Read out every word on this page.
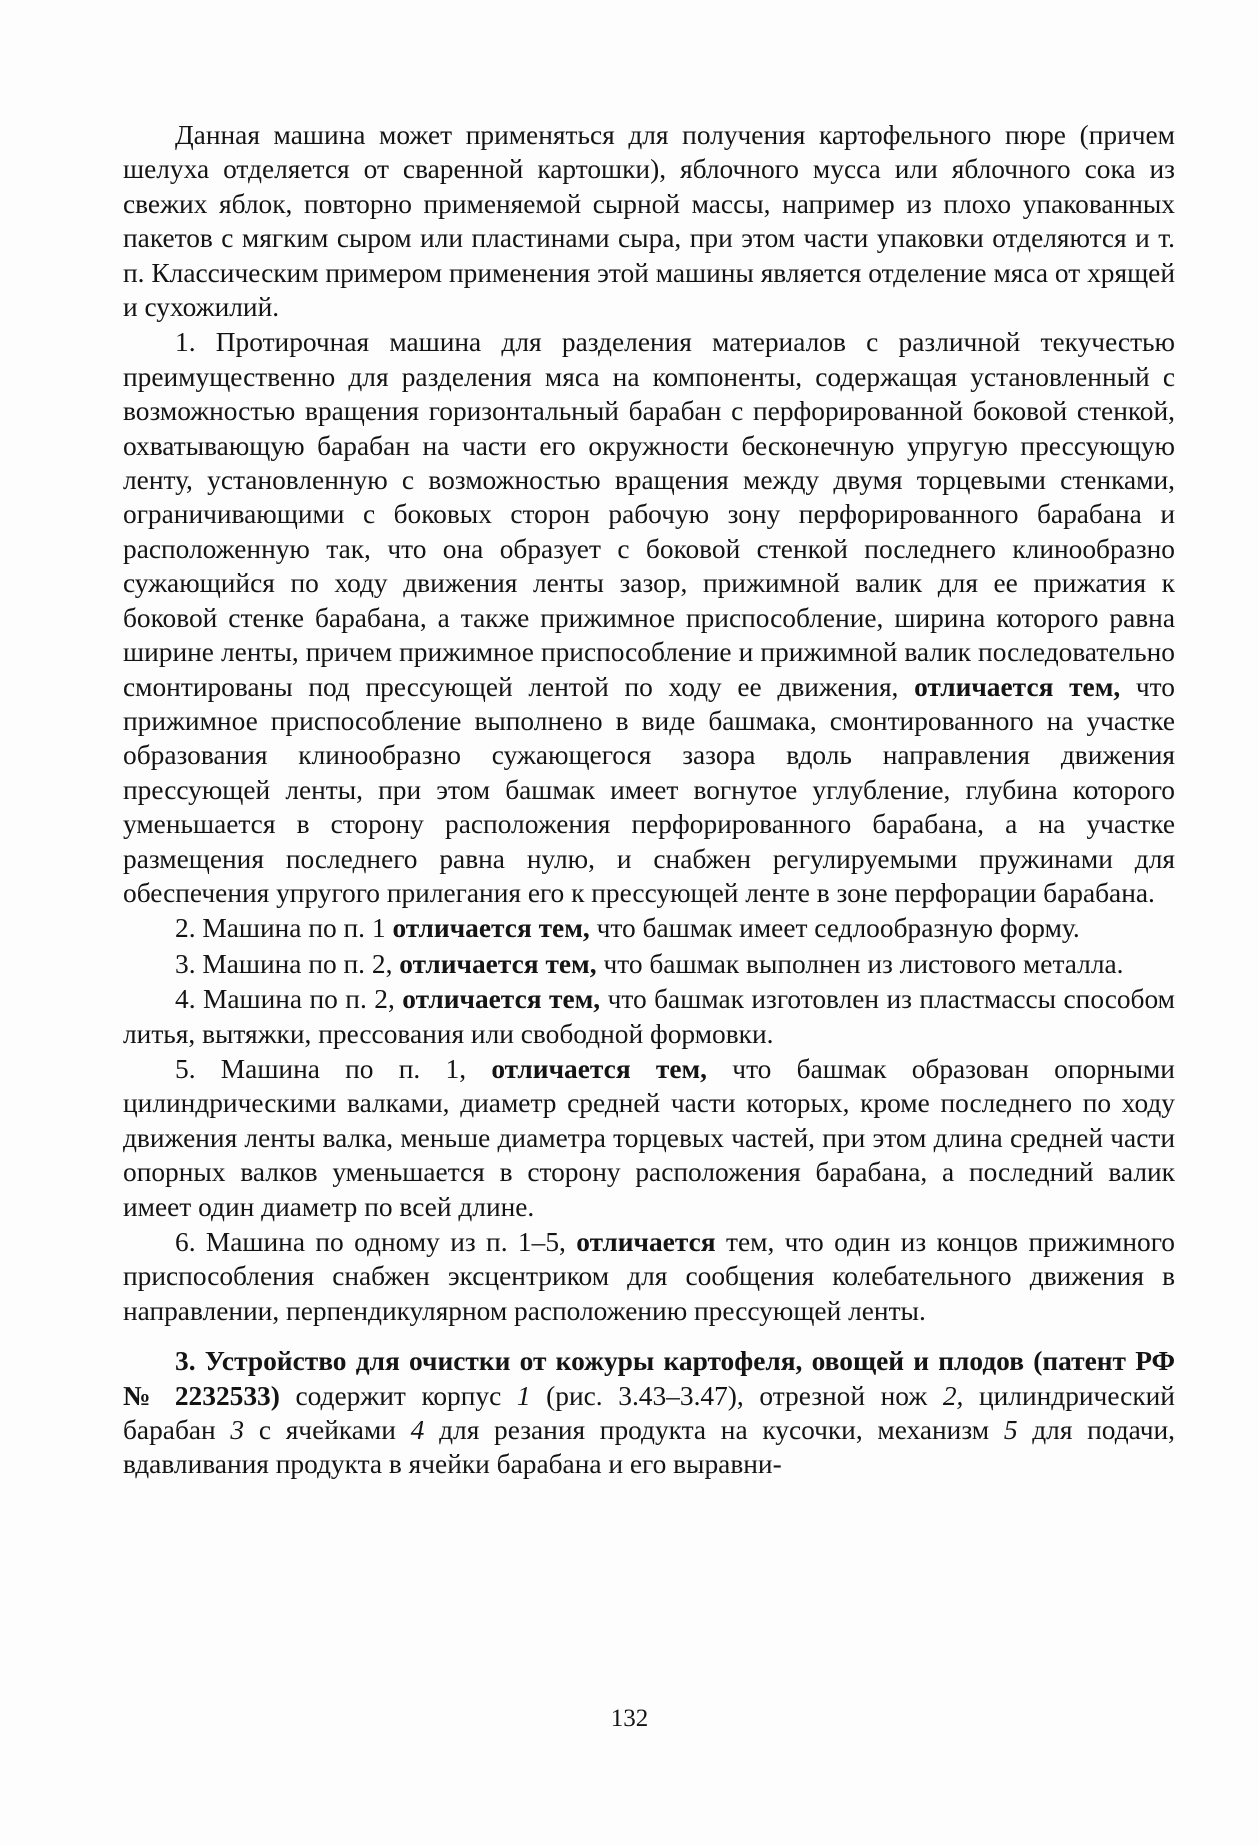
Данная машина может применяться для получения картофельного пюре (причем шелуха отделяется от сваренной картошки), яблочного мусса или яблочного сока из свежих яблок, повторно применяемой сырной массы, например из плохо упакованных пакетов с мягким сыром или пластинами сыра, при этом части упаковки отделяются и т. п. Классическим примером применения этой машины является отделение мяса от хрящей и сухожилий.

1. Протирочная машина для разделения материалов с различной текучестью преимущественно для разделения мяса на компоненты, содержащая установленный с возможностью вращения горизонтальный барабан с перфорированной боковой стенкой, охватывающую барабан на части его окружности бесконечную упругую прессующую ленту, установленную с возможностью вращения между двумя торцевыми стенками, ограничивающими с боковых сторон рабочую зону перфорированного барабана и расположенную так, что она образует с боковой стенкой последнего клинообразно сужающийся по ходу движения ленты зазор, прижимной валик для ее прижатия к боковой стенке барабана, а также прижимное приспособление, ширина которого равна ширине ленты, причем прижимное приспособление и прижимной валик последовательно смонтированы под прессующей лентой по ходу ее движения, отличается тем, что прижимное приспособление выполнено в виде башмака, смонтированного на участке образования клинообразно сужающегося зазора вдоль направления движения прессующей ленты, при этом башмак имеет вогнутое углубление, глубина которого уменьшается в сторону расположения перфорированного барабана, а на участке размещения последнего равна нулю, и снабжен регулируемыми пружинами для обеспечения упругого прилегания его к прессующей ленте в зоне перфорации барабана.

2. Машина по п. 1 отличается тем, что башмак имеет седлообразную форму.

3. Машина по п. 2, отличается тем, что башмак выполнен из листового металла.

4. Машина по п. 2, отличается тем, что башмак изготовлен из пластмассы способом литья, вытяжки, прессования или свободной формовки.

5. Машина по п. 1, отличается тем, что башмак образован опорными цилиндрическими валками, диаметр средней части которых, кроме последнего по ходу движения ленты валка, меньше диаметра торцевых частей, при этом длина средней части опорных валков уменьшается в сторону расположения барабана, а последний валик имеет один диаметр по всей длине.

6. Машина по одному из п. 1–5, отличается тем, что один из концов прижимного приспособления снабжен эксцентриком для сообщения колебательного движения в направлении, перпендикулярном расположению прессующей ленты.

3. Устройство для очистки от кожуры картофеля, овощей и плодов (патент РФ № 2232533) содержит корпус 1 (рис. 3.43–3.47), отрезной нож 2, цилиндрический барабан 3 с ячейками 4 для резания продукта на кусочки, механизм 5 для подачи, вдавливания продукта в ячейки барабана и его выравни-

132
